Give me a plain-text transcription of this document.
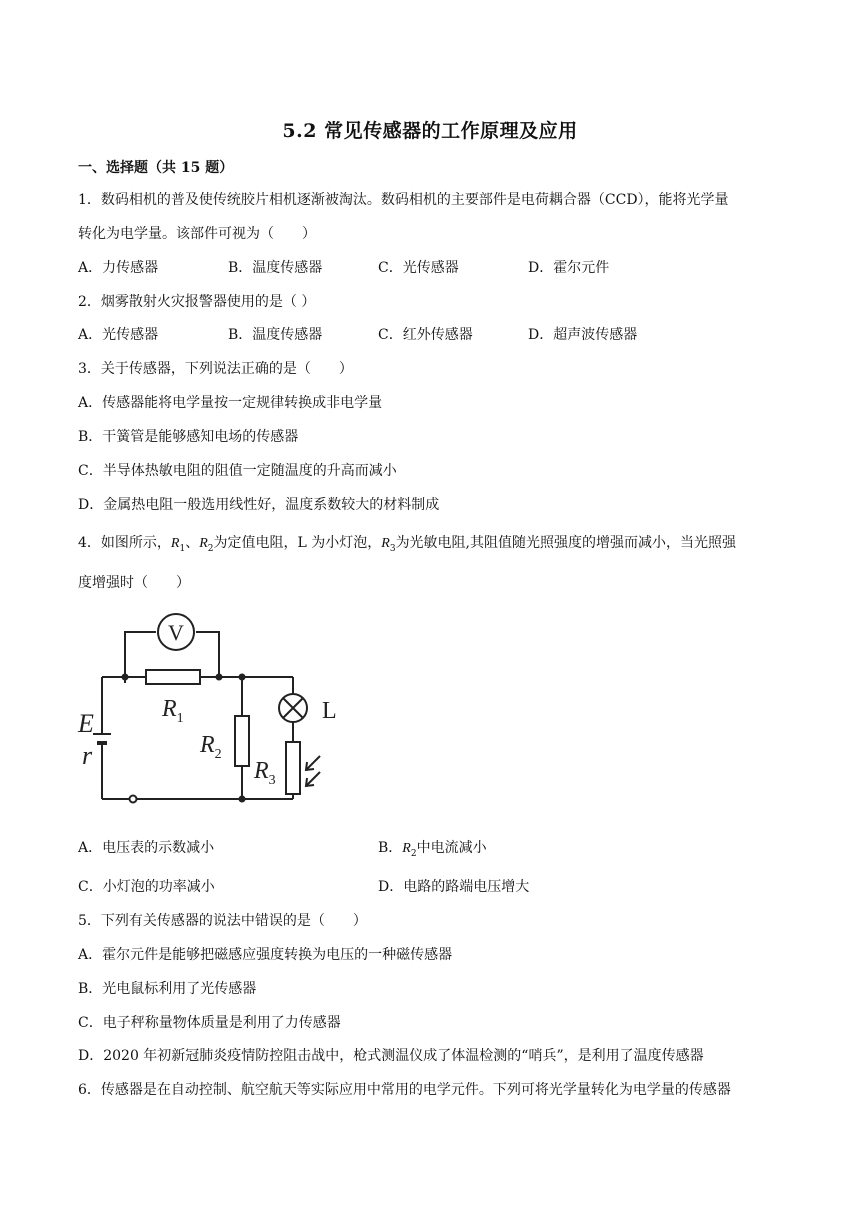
5.2 常见传感器的工作原理及应用
一、选择题（共 15 题）
1．数码相机的普及使传统胶片相机逐渐被淘汰。数码相机的主要部件是电荷耦合器（CCD），能将光学量
转化为电学量。该部件可视为（　　）
A．力传感器	B．温度传感器	C．光传感器	D．霍尔元件
2．烟雾散射火灾报警器使用的是（ ）
A．光传感器	B．温度传感器	C．红外传感器	D．超声波传感器
3．关于传感器，下列说法正确的是（　　）
A．传感器能将电学量按一定规律转换成非电学量
B．干簧管是能够感知电场的传感器
C．半导体热敏电阻的阻值一定随温度的升高而减小
D．金属热电阻一般选用线性好，温度系数较大的材料制成
4．如图所示，$R_1$、$R_2$为定值电阻，L 为小灯泡，$R_3$为光敏电阻,其阻值随光照强度的增强而减小，当光照强
度增强时（　　）
V
$R_1$
E
r	$R_2$
L
$R_3$
A．电压表的示数减小	B．$R_2$中电流减小
C．小灯泡的功率减小	D．电路的路端电压增大
5．下列有关传感器的说法中错误的是（　　）
A．霍尔元件是能够把磁感应强度转换为电压的一种磁传感器
B．光电鼠标利用了光传感器
C．电子秤称量物体质量是利用了力传感器
D．2020 年初新冠肺炎疫情防控阻击战中，枪式测温仪成了体温检测的“哨兵”，是利用了温度传感器
6．传感器是在自动控制、航空航天等实际应用中常用的电学元件。下列可将光学量转化为电学量的传感器
